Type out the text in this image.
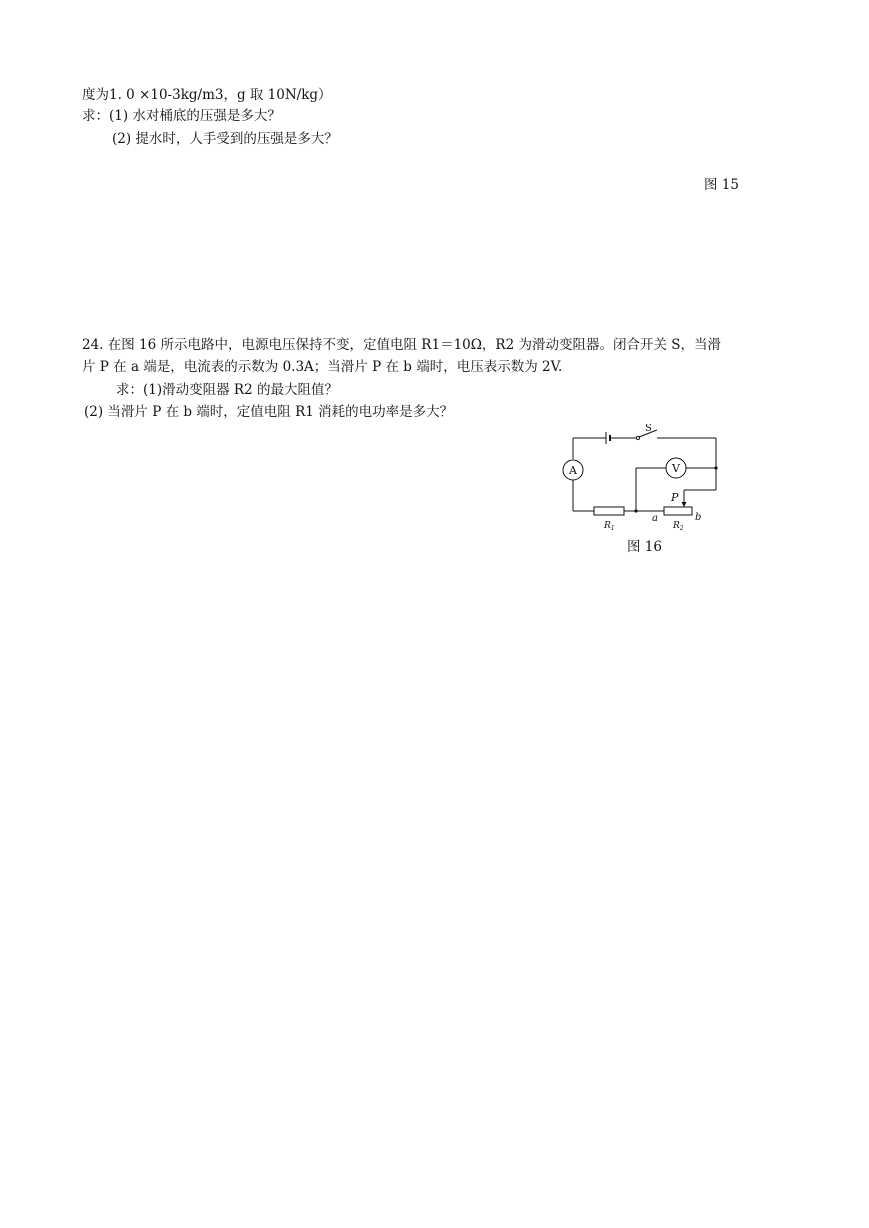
度为1. 0 ×10-3kg/m3，g 取 10N/kg）
求：(1) 水对桶底的压强是多大？
(2) 提水时，人手受到的压强是多大？
图 15
24. 在图 16 所示电路中，电源电压保持不变，定值电阻 R1＝10Ω，R2 为滑动变阻器。闭合开关 S，当滑
片 P 在 a 端是，电流表的示数为 0.3A；当滑片 P 在 b 端时，电压表示数为 2V.
求：(1)滑动变阻器 R2 的最大阻值？
(2) 当滑片 P 在 b 端时，定值电阻 R1 消耗的电功率是多大？
S
A	V
P
$R_1$	$R_2$
a	b
图 16
